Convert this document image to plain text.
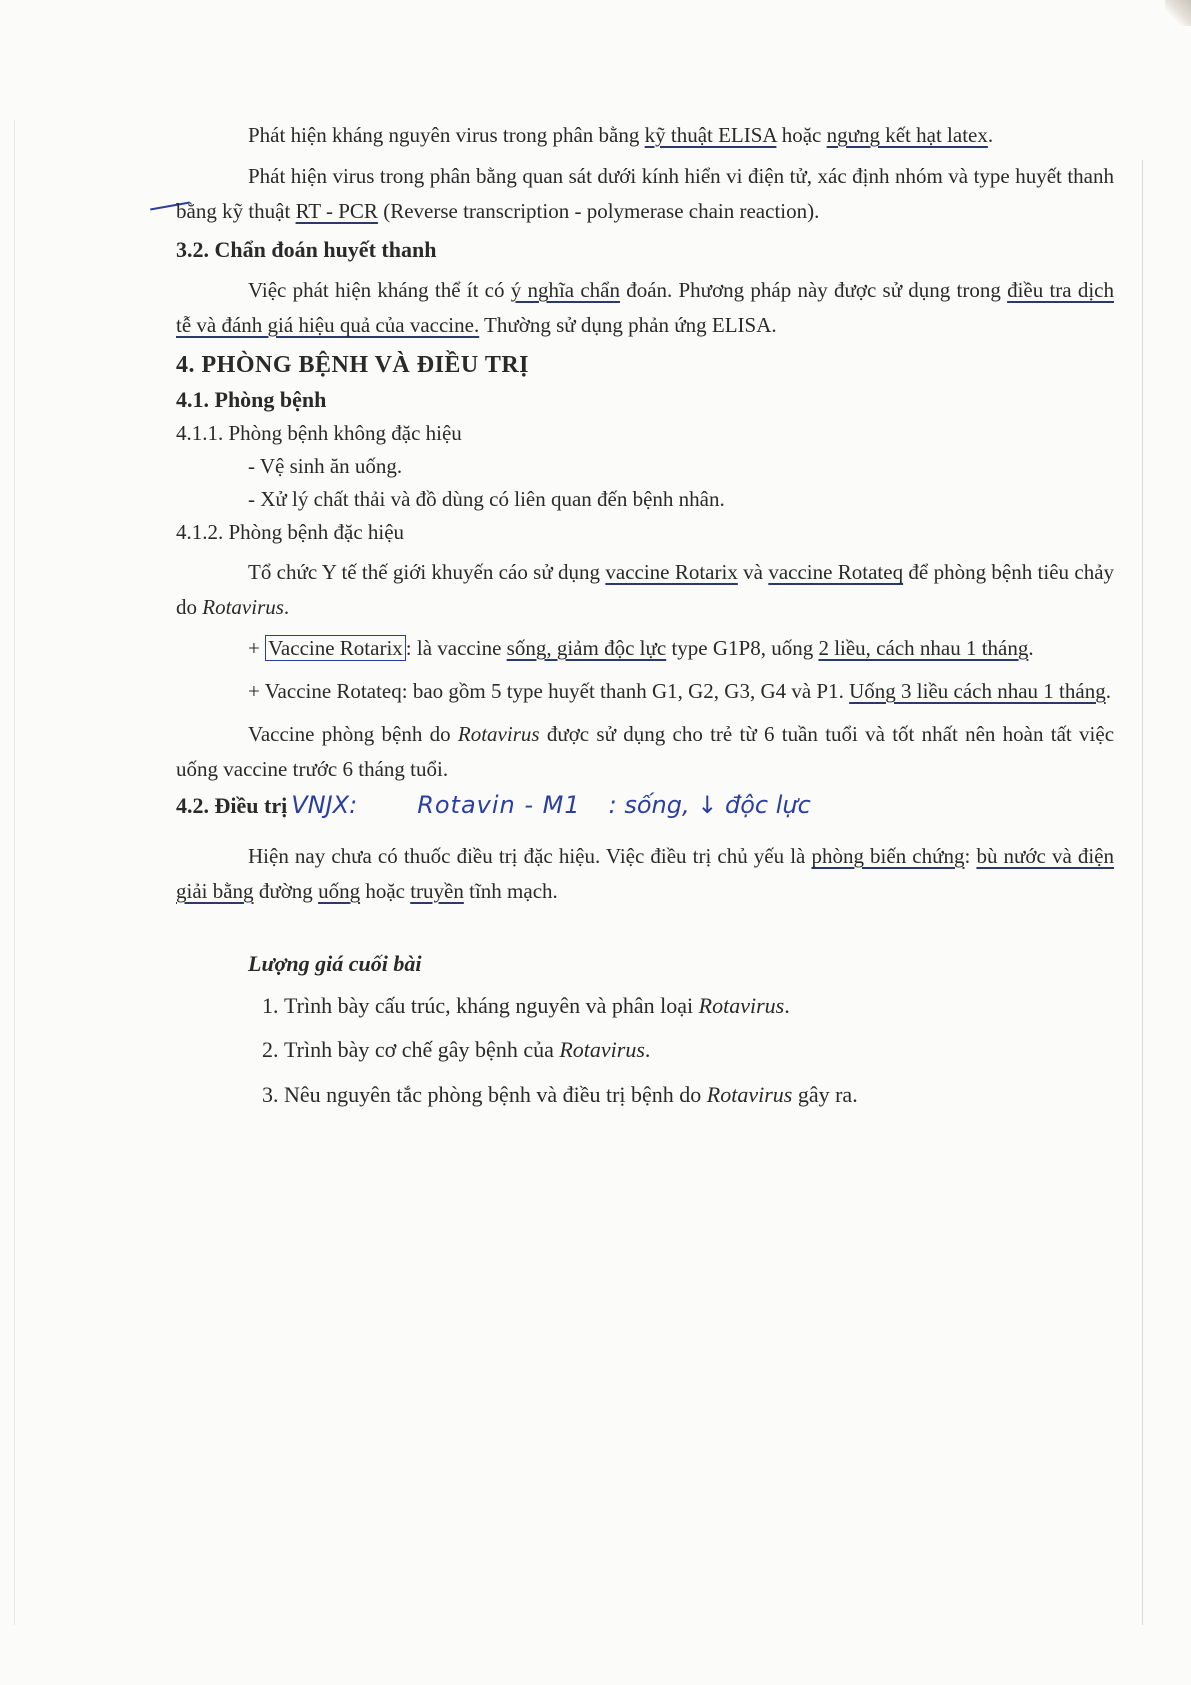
Phát hiện kháng nguyên virus trong phân bằng kỹ thuật ELISA hoặc ngưng kết hạt latex.

Phát hiện virus trong phân bằng quan sát dưới kính hiển vi điện tử, xác định nhóm và type huyết thanh bằng kỹ thuật RT - PCR (Reverse transcription - polymerase chain reaction).

3.2. Chẩn đoán huyết thanh

Việc phát hiện kháng thể ít có ý nghĩa chẩn đoán. Phương pháp này được sử dụng trong điều tra dịch tễ và đánh giá hiệu quả của vaccine. Thường sử dụng phản ứng ELISA.

4. PHÒNG BỆNH VÀ ĐIỀU TRỊ

4.1. Phòng bệnh

4.1.1. Phòng bệnh không đặc hiệu

- Vệ sinh ăn uống.

- Xử lý chất thải và đồ dùng có liên quan đến bệnh nhân.

4.1.2. Phòng bệnh đặc hiệu

Tổ chức Y tế thế giới khuyến cáo sử dụng vaccine Rotarix và vaccine Rotateq để phòng bệnh tiêu chảy do Rotavirus.

+ Vaccine Rotarix : là vaccine sống, giảm độc lực type G1P8, uống 2 liều, cách nhau 1 tháng.

+ Vaccine Rotateq: bao gồm 5 type huyết thanh G1, G2, G3, G4 và P1. Uống 3 liều cách nhau 1 tháng.

Vaccine phòng bệnh do Rotavirus được sử dụng cho trẻ từ 6 tuần tuổi và tốt nhất nên hoàn tất việc uống vaccine trước 6 tháng tuổi.

4.2. Điều trị VNJX:	Rotavin - M1 : sống, ↓ độc lực

Hiện nay chưa có thuốc điều trị đặc hiệu. Việc điều trị chủ yếu là phòng biến chứng: bù nước và điện giải bằng đường uống hoặc truyền tĩnh mạch.

Lượng giá cuối bài

1. Trình bày cấu trúc, kháng nguyên và phân loại Rotavirus.
2. Trình bày cơ chế gây bệnh của Rotavirus.
3. Nêu nguyên tắc phòng bệnh và điều trị bệnh do Rotavirus gây ra.
